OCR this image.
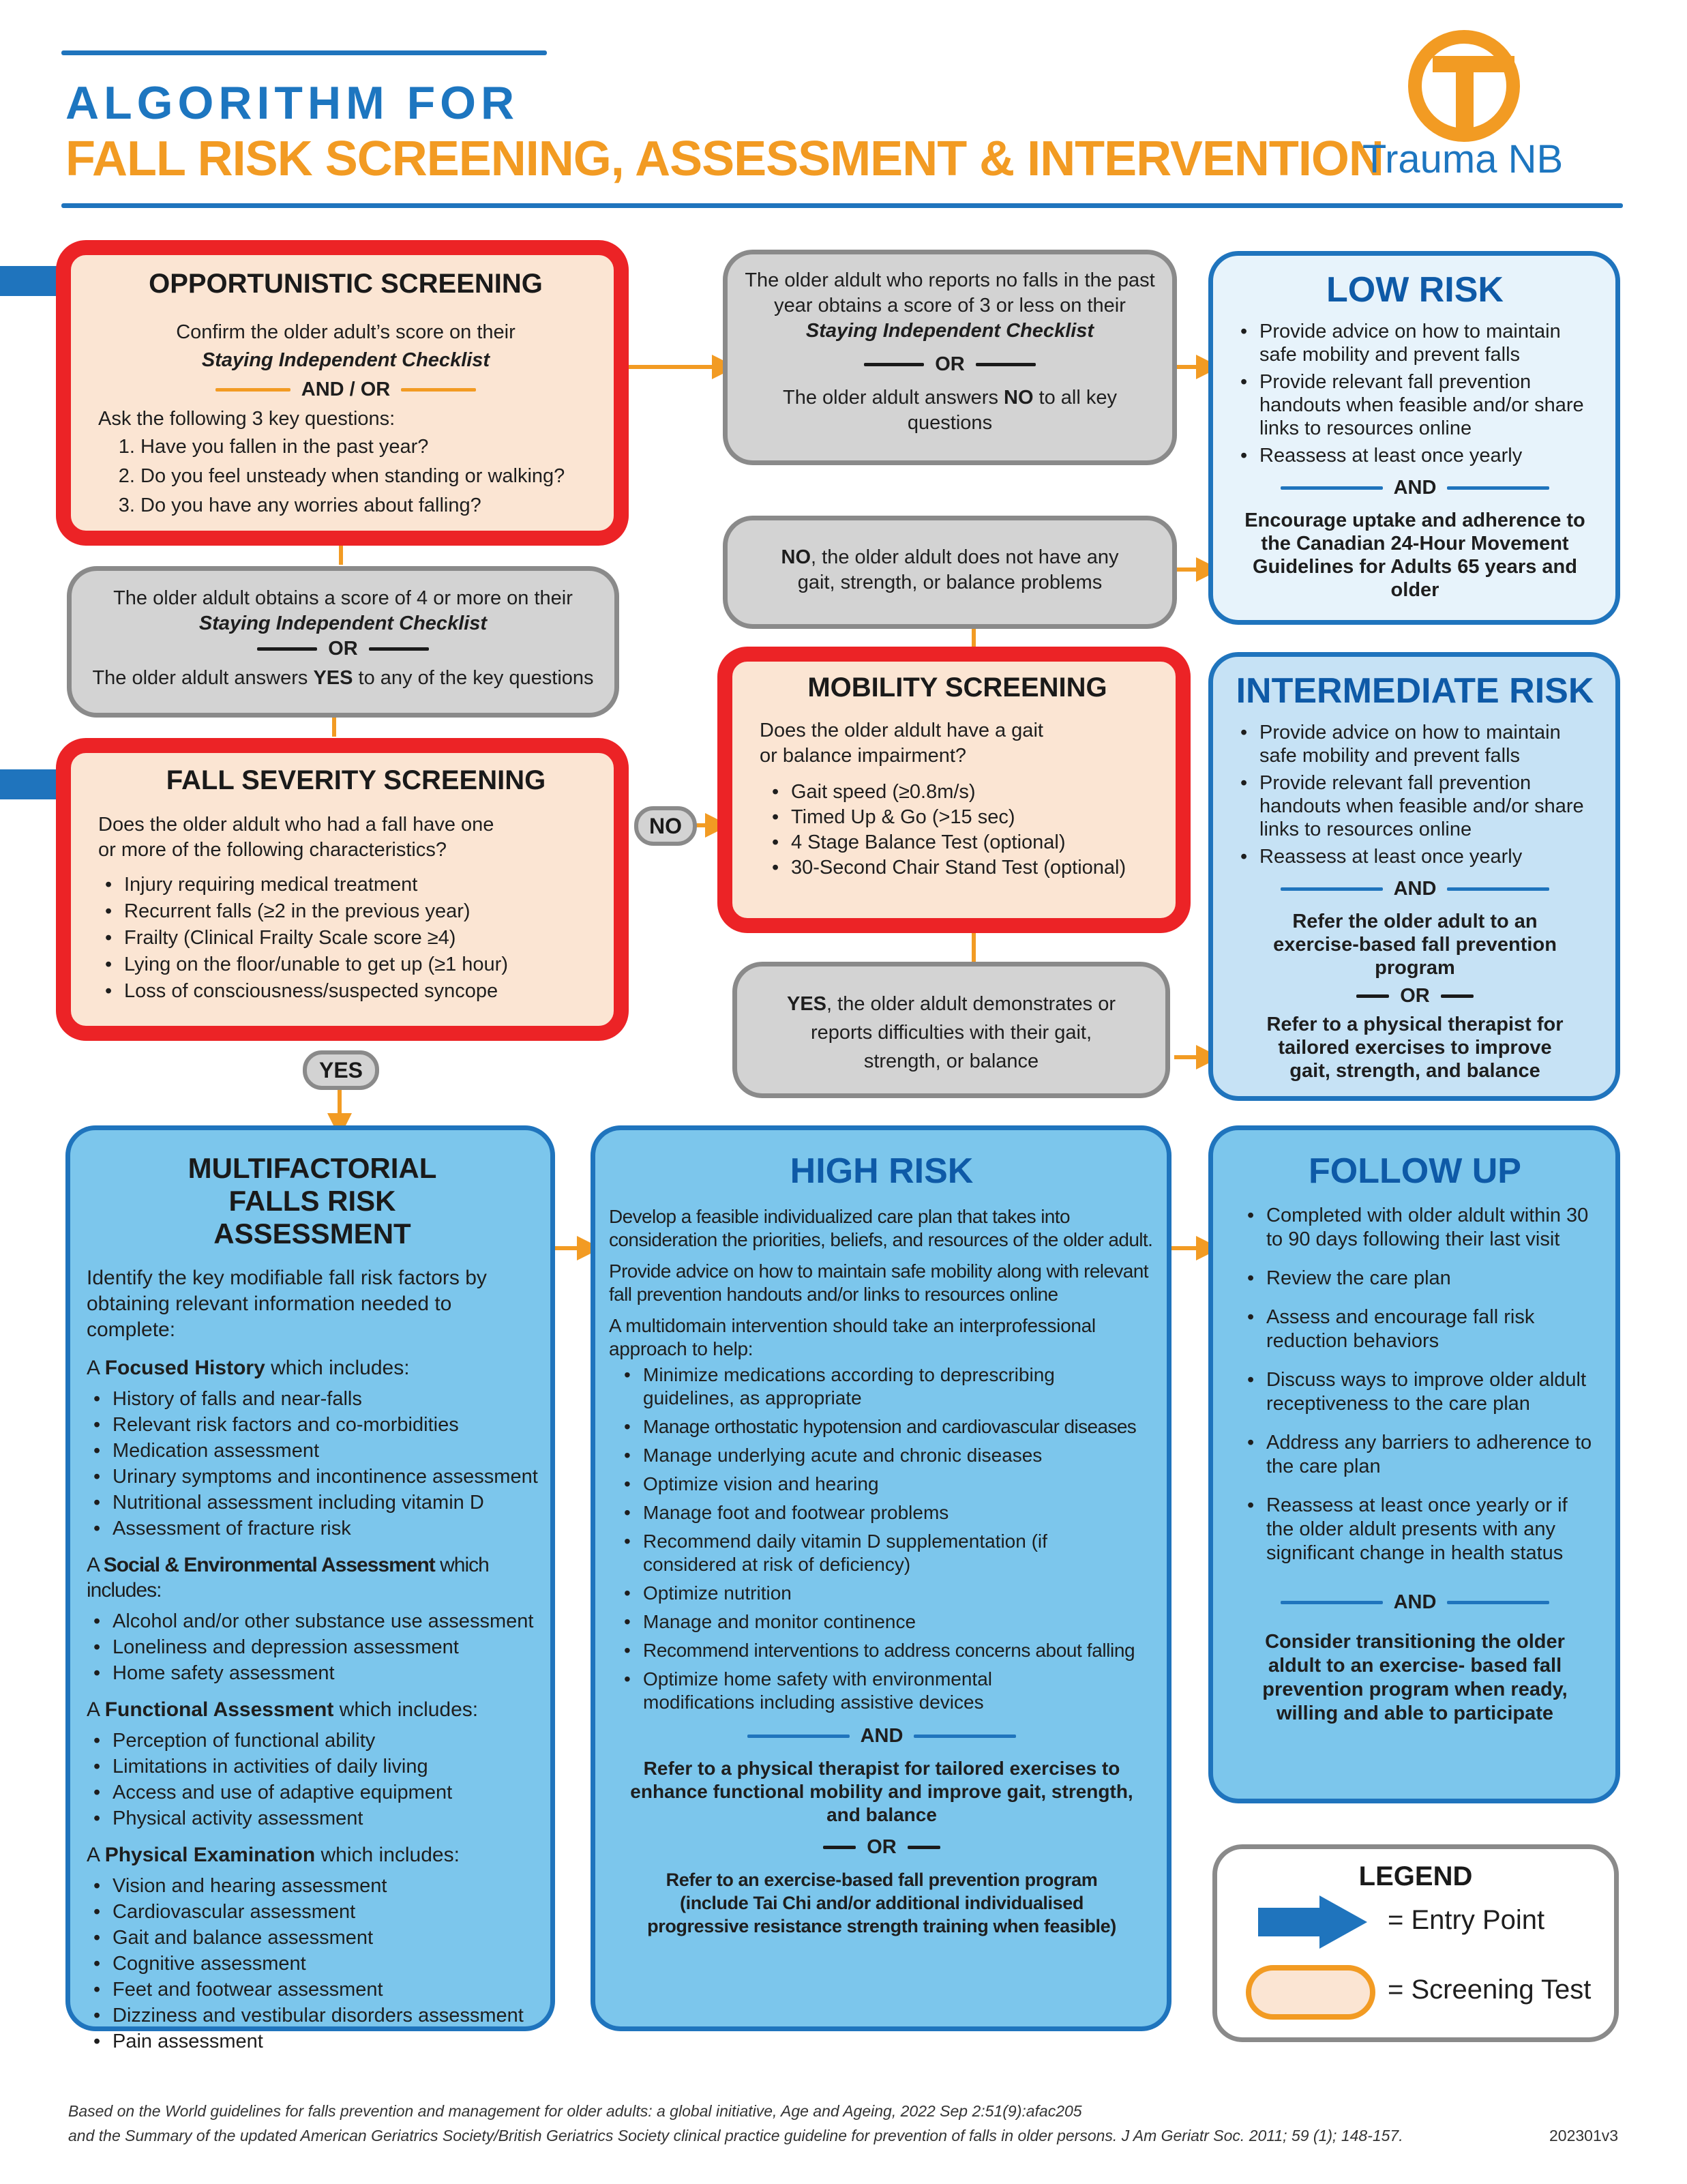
ALGORITHM FOR
FALL RISK SCREENING, ASSESSMENT & INTERVENTION
Trauma NB
OPPORTUNISTIC SCREENING
Confirm the older adult’s score on their
Staying Independent Checklist
AND / OR
Ask the following 3 key questions:
1. Have you fallen in the past year?
2. Do you feel unsteady when standing or walking?
3. Do you have any worries about falling?
The older aldult obtains a score of 4 or more on their
Staying Independent Checklist
OR
The older aldult answers YES to any of the key questions
FALL SEVERITY SCREENING
Does the older aldult who had a fall have one or more of the following characteristics?
• Injury requiring medical treatment
• Recurrent falls (≥2 in the previous year)
• Frailty (Clinical Frailty Scale score ≥4)
• Lying on the floor/unable to get up (≥1 hour)
• Loss of consciousness/suspected syncope
NO
YES
The older aldult who reports no falls in the past year obtains a score of 3 or less on their Staying Independent Checklist
OR
The older aldult answers NO to all key questions
NO, the older aldult does not have any gait, strength, or balance problems
MOBILITY SCREENING
Does the older aldult have a gait or balance impairment?
• Gait speed (≥0.8m/s)
• Timed Up & Go (>15 sec)
• 4 Stage Balance Test (optional)
• 30-Second Chair Stand Test (optional)
YES, the older aldult demonstrates or reports difficulties with their gait, strength, or balance
LOW RISK
• Provide advice on how to maintain safe mobility and prevent falls
• Provide relevant fall prevention handouts when feasible and/or share links to resources online
• Reassess at least once yearly
AND
Encourage uptake and adherence to the Canadian 24-Hour Movement Guidelines for Adults 65 years and older
INTERMEDIATE RISK
• Provide advice on how to maintain safe mobility and prevent falls
• Provide relevant fall prevention handouts when feasible and/or share links to resources online
• Reassess at least once yearly
AND
Refer the older adult to an exercise-based fall prevention program
OR
Refer to a physical therapist for tailored exercises to improve gait, strength, and balance
MULTIFACTORIAL FALLS RISK ASSESSMENT
Identify the key modifiable fall risk factors by obtaining relevant information needed to complete:
A Focused History which includes:
• History of falls and near-falls
• Relevant risk factors and co-morbidities
• Medication assessment
• Urinary symptoms and incontinence assessment
• Nutritional assessment including vitamin D
• Assessment of fracture risk
A Social & Environmental Assessment which includes:
• Alcohol and/or other substance use assessment
• Loneliness and depression assessment
• Home safety assessment
A Functional Assessment which includes:
• Perception of functional ability
• Limitations in activities of daily living
• Access and use of adaptive equipment
• Physical activity assessment
A Physical Examination which includes:
• Vision and hearing assessment
• Cardiovascular assessment
• Gait and balance assessment
• Cognitive assessment
• Feet and footwear assessment
• Dizziness and vestibular disorders assessment
• Pain assessment
HIGH RISK
Develop a feasible individualized care plan that takes into consideration the priorities, beliefs, and resources of the older adult.
Provide advice on how to maintain safe mobility along with relevant fall prevention handouts and/or links to resources online
A multidomain intervention should take an interprofessional approach to help:
• Minimize medications according to deprescribing guidelines, as appropriate
• Manage orthostatic hypotension and cardiovascular diseases
• Manage underlying acute and chronic diseases
• Optimize vision and hearing
• Manage foot and footwear problems
• Recommend daily vitamin D supplementation (if considered at risk of deficiency)
• Optimize nutrition
• Manage and monitor continence
• Recommend interventions to address concerns about falling
• Optimize home safety with environmental modifications including assistive devices
AND
Refer to a physical therapist for tailored exercises to enhance functional mobility and improve gait, strength, and balance
OR
Refer to an exercise-based fall prevention program (include Tai Chi and/or additional individualised progressive resistance strength training when feasible)
FOLLOW UP
• Completed with older aldult within 30 to 90 days following their last visit
• Review the care plan
• Assess and encourage fall risk reduction behaviors
• Discuss ways to improve older aldult receptiveness to the care plan
• Address any barriers to adherence to the care plan
• Reassess at least once yearly or if the older aldult presents with any significant change in health status
AND
Consider transitioning the older aldult to an exercise- based fall prevention program when ready, willing and able to participate
LEGEND
= Entry Point
= Screening Test
Based on the World guidelines for falls prevention and management for older adults: a global initiative, Age and Ageing, 2022 Sep 2:51(9):afac205
and the Summary of the updated American Geriatrics Society/British Geriatrics Society clinical practice guideline for prevention of falls in older persons. J Am Geriatr Soc. 2011; 59 (1); 148-157.	202301v3
